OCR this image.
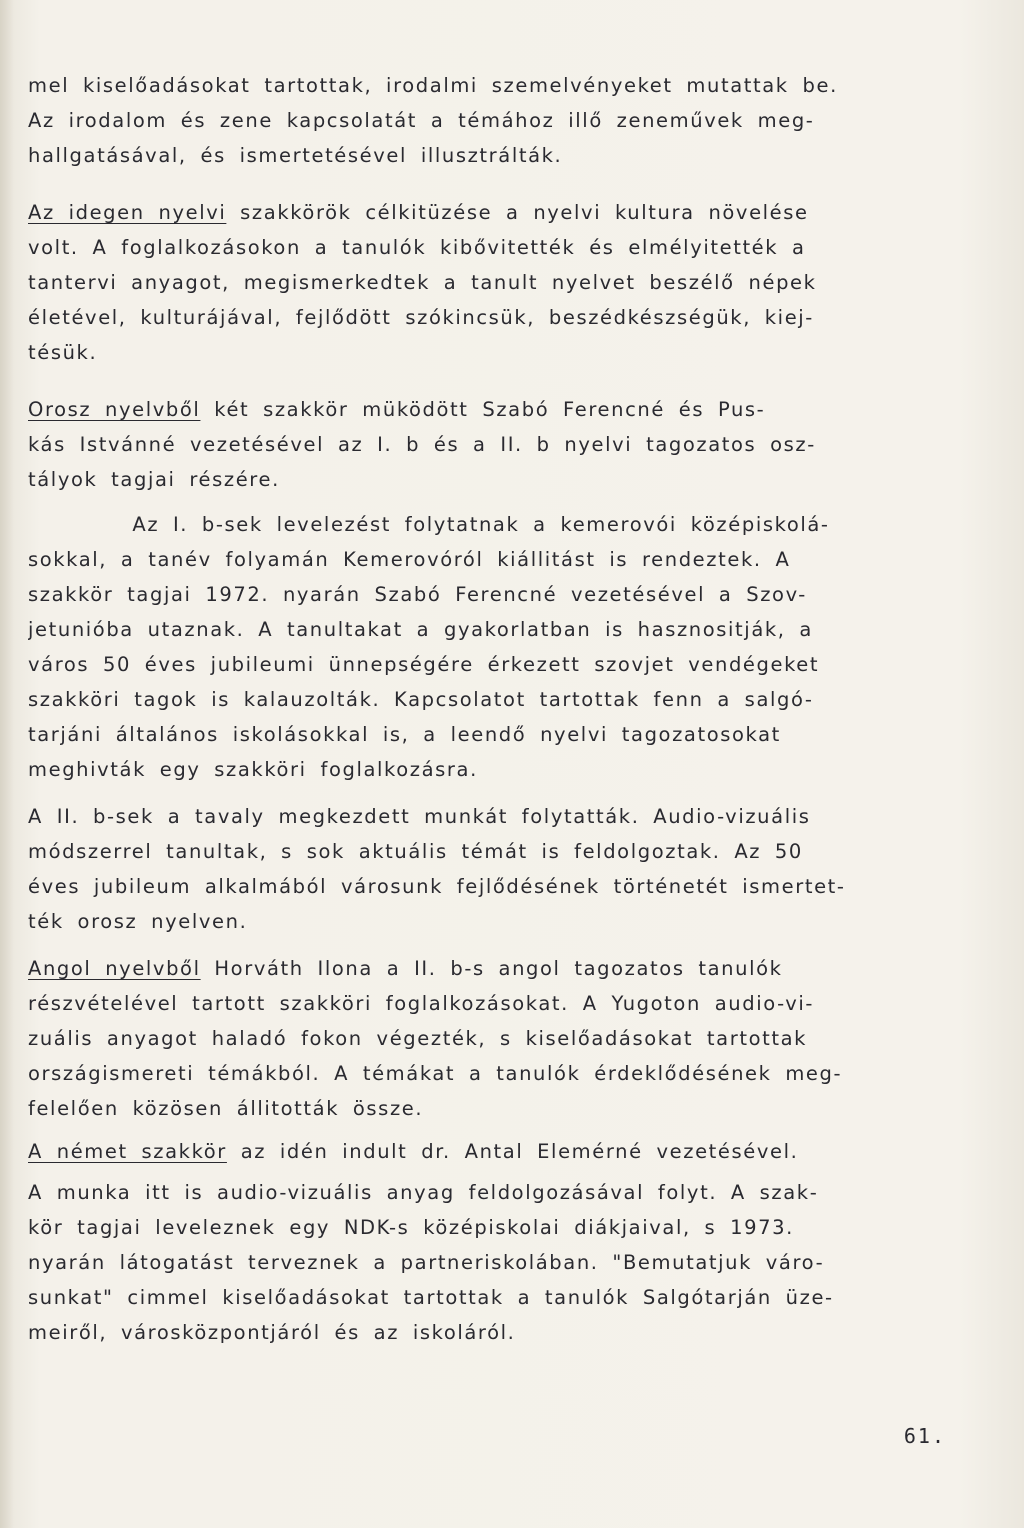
mel kiselőadásokat tartottak, irodalmi szemelvényeket mutattak be.
Az irodalom és zene kapcsolatát a témához illő zeneművek meg-
hallgatásával, és ismertetésével illusztrálták.
Az idegen nyelvi szakkörök célkitüzése a nyelvi kultura növelése
volt. A foglalkozásokon a tanulók kibővitették és elmélyitették a
tantervi anyagot, megismerkedtek a tanult nyelvet beszélő népek
életével, kulturájával, fejlődött szókincsük, beszédkészségük, kiej-
tésük.
Orosz nyelvből két szakkör müködött Szabó Ferencné és Pus-
kás Istvánné vezetésével az I. b és a II. b nyelvi tagozatos osz-
tályok tagjai részére.
Az I. b-sek levelezést folytatnak a kemerovói középiskolá-
sokkal, a tanév folyamán Kemerovóról kiállitást is rendeztek. A
szakkör tagjai 1972. nyarán Szabó Ferencné vezetésével a Szov-
jetunióba utaznak. A tanultakat a gyakorlatban is hasznositják, a
város 50 éves jubileumi ünnepségére érkezett szovjet vendégeket
szakköri tagok is kalauzolták. Kapcsolatot tartottak fenn a salgó-
tarjáni általános iskolásokkal is, a leendő nyelvi tagozatosokat
meghivták egy szakköri foglalkozásra.
A II. b-sek a tavaly megkezdett munkát folytatták. Audio-vizuális
módszerrel tanultak, s sok aktuális témát is feldolgoztak. Az 50
éves jubileum alkalmából városunk fejlődésének történetét ismertet-
ték orosz nyelven.
Angol nyelvből Horváth Ilona a II. b-s angol tagozatos tanulók
részvételével tartott szakköri foglalkozásokat. A Yugoton audio-vi-
zuális anyagot haladó fokon végezték, s kiselőadásokat tartottak
országismereti témákból. A témákat a tanulók érdeklődésének meg-
felelően közösen állitották össze.
A német szakkör az idén indult dr. Antal Elemérné vezetésével.
A munka itt is audio-vizuális anyag feldolgozásával folyt. A szak-
kör tagjai leveleznek egy NDK-s középiskolai diákjaival, s 1973.
nyarán látogatást terveznek a partneriskolában. "Bemutatjuk váro-
sunkat" cimmel kiselőadásokat tartottak a tanulók Salgótarján üze-
meiről, városközpontjáról és az iskoláról.
61.
